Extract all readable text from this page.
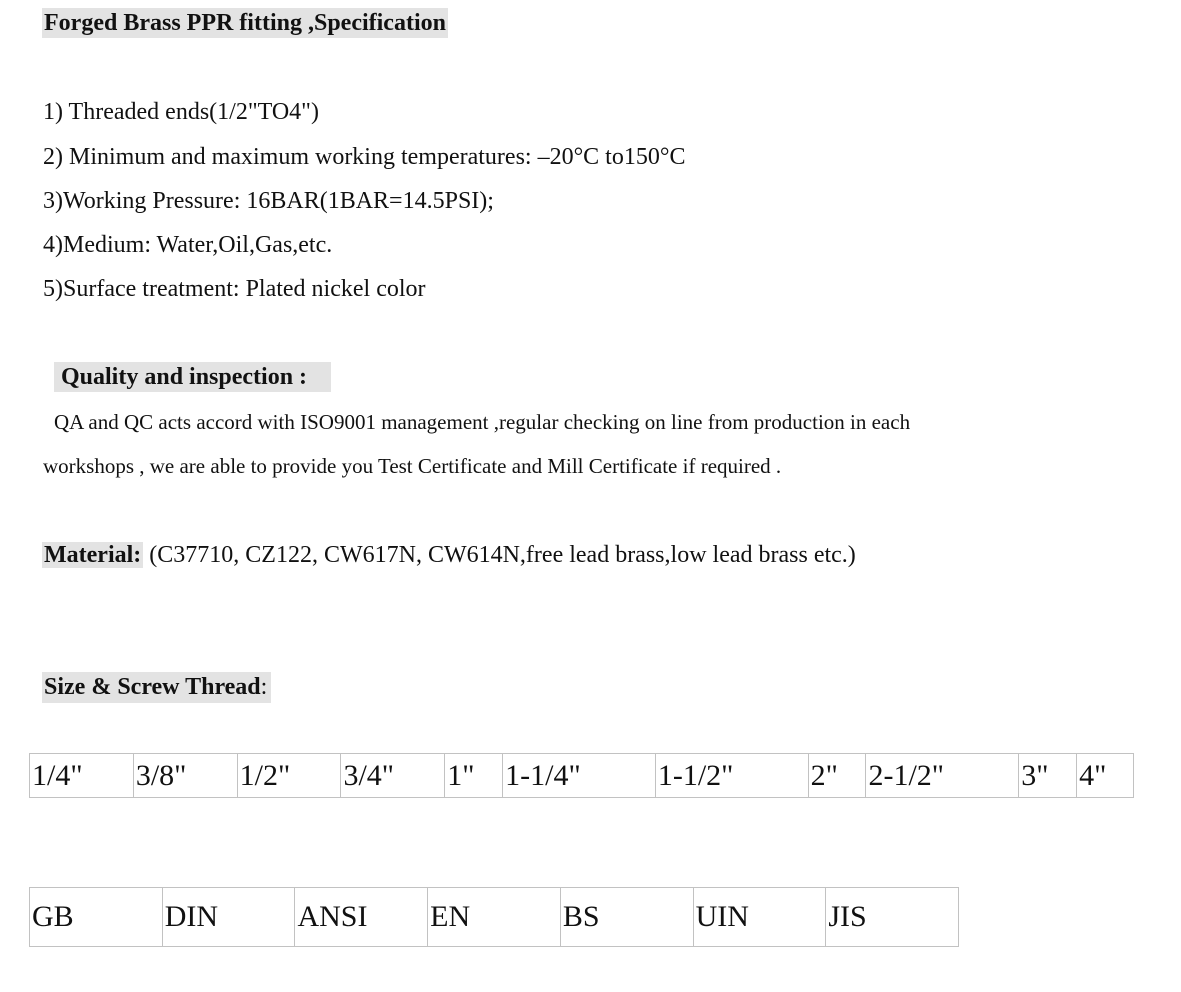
Forged Brass PPR fitting ,Specification
1) Threaded ends(1/2"TO4")
2) Minimum and maximum working temperatures: –20°C to150°C
3)Working Pressure: 16BAR(1BAR=14.5PSI);
4)Medium: Water,Oil,Gas,etc.
5)Surface treatment: Plated nickel color
Quality and inspection :
QA and QC acts accord with ISO9001 management ,regular checking on line from production in each
workshops , we are able to provide you Test Certificate and Mill Certificate if required .
Material: (C37710, CZ122, CW617N, CW614N,free lead brass,low lead brass etc.)
Size & Screw Thread:
1/4"	3/8"	1/2"	3/4"	1"	1-1/4"	1-1/2"	2"	2-1/2"	3"	4"
GB	DIN	ANSI	EN	BS	UIN	JIS
